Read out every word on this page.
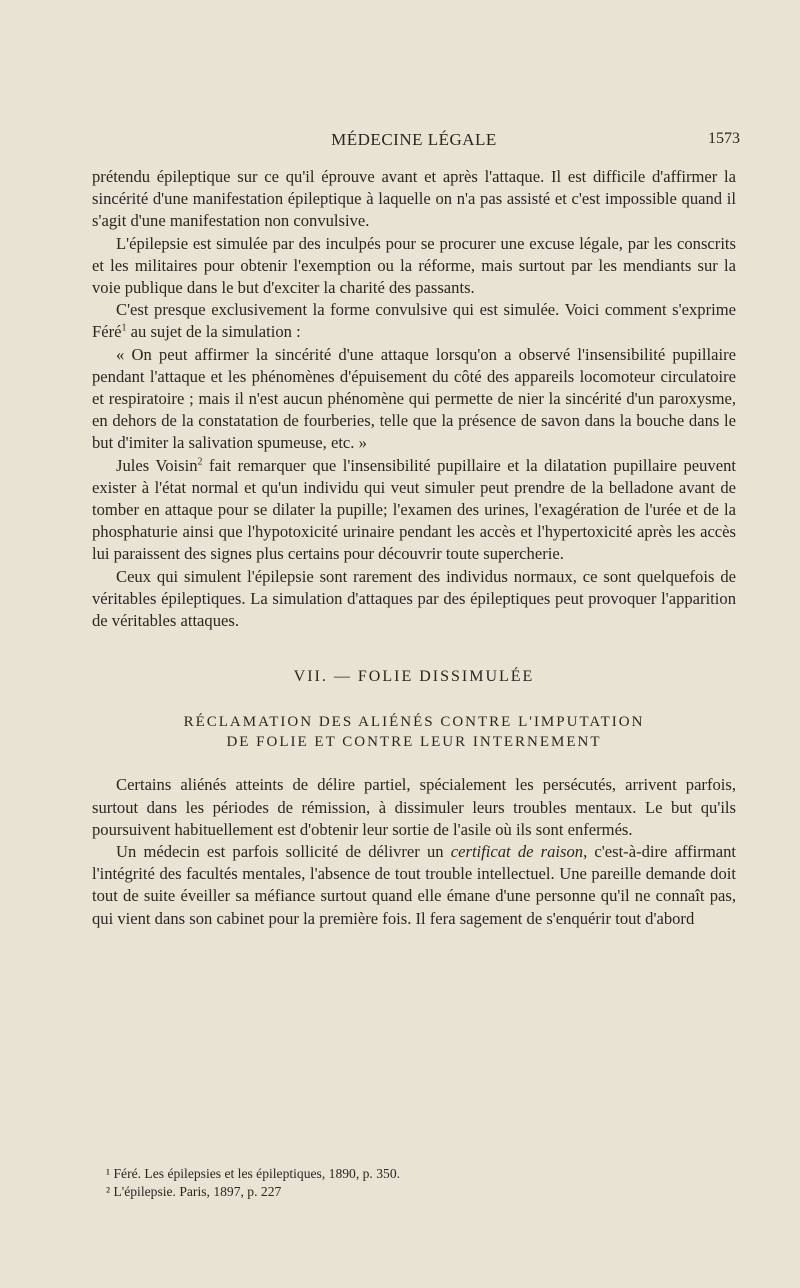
MÉDECINE LÉGALE	1573

prétendu épileptique sur ce qu'il éprouve avant et après l'attaque. Il est difficile d'affirmer la sincérité d'une manifestation épileptique à laquelle on n'a pas assisté et c'est impossible quand il s'agit d'une manifestation non convulsive.

L'épilepsie est simulée par des inculpés pour se procurer une excuse légale, par les conscrits et les militaires pour obtenir l'exemption ou la réforme, mais surtout par les mendiants sur la voie publique dans le but d'exciter la charité des passants.

C'est presque exclusivement la forme convulsive qui est simulée. Voici comment s'exprime Féré$^1$ au sujet de la simulation :

« On peut affirmer la sincérité d'une attaque lorsqu'on a observé l'insensibilité pupillaire pendant l'attaque et les phénomènes d'épuisement du côté des appareils locomoteur circulatoire et respiratoire ; mais il n'est aucun phénomène qui permette de nier la sincérité d'un paroxysme, en dehors de la constatation de fourberies, telle que la présence de savon dans la bouche dans le but d'imiter la salivation spumeuse, etc. »

Jules Voisin$^2$ fait remarquer que l'insensibilité pupillaire et la dilatation pupillaire peuvent exister à l'état normal et qu'un individu qui veut simuler peut prendre de la belladone avant de tomber en attaque pour se dilater la pupille; l'examen des urines, l'exagération de l'urée et de la phosphaturie ainsi que l'hypotoxicité urinaire pendant les accès et l'hypertoxicité après les accès lui paraissent des signes plus certains pour découvrir toute supercherie.

Ceux qui simulent l'épilepsie sont rarement des individus normaux, ce sont quelquefois de véritables épileptiques. La simulation d'attaques par des épileptiques peut provoquer l'apparition de véritables attaques.

VII. — FOLIE DISSIMULÉE
RÉCLAMATION DES ALIÉNÉS CONTRE L'IMPUTATION
DE FOLIE ET CONTRE LEUR INTERNEMENT

Certains aliénés atteints de délire partiel, spécialement les persécutés, arrivent parfois, surtout dans les périodes de rémission, à dissimuler leurs troubles mentaux. Le but qu'ils poursuivent habituellement est d'obtenir leur sortie de l'asile où ils sont enfermés.

Un médecin est parfois sollicité de délivrer un certificat de raison, c'est-à-dire affirmant l'intégrité des facultés mentales, l'absence de tout trouble intellectuel. Une pareille demande doit tout de suite éveiller sa méfiance surtout quand elle émane d'une personne qu'il ne connaît pas, qui vient dans son cabinet pour la première fois. Il fera sagement de s'enquérir tout d'abord

¹ Féré. Les épilepsies et les épileptiques, 1890, p. 350.
² L'épilepsie. Paris, 1897, p. 227
